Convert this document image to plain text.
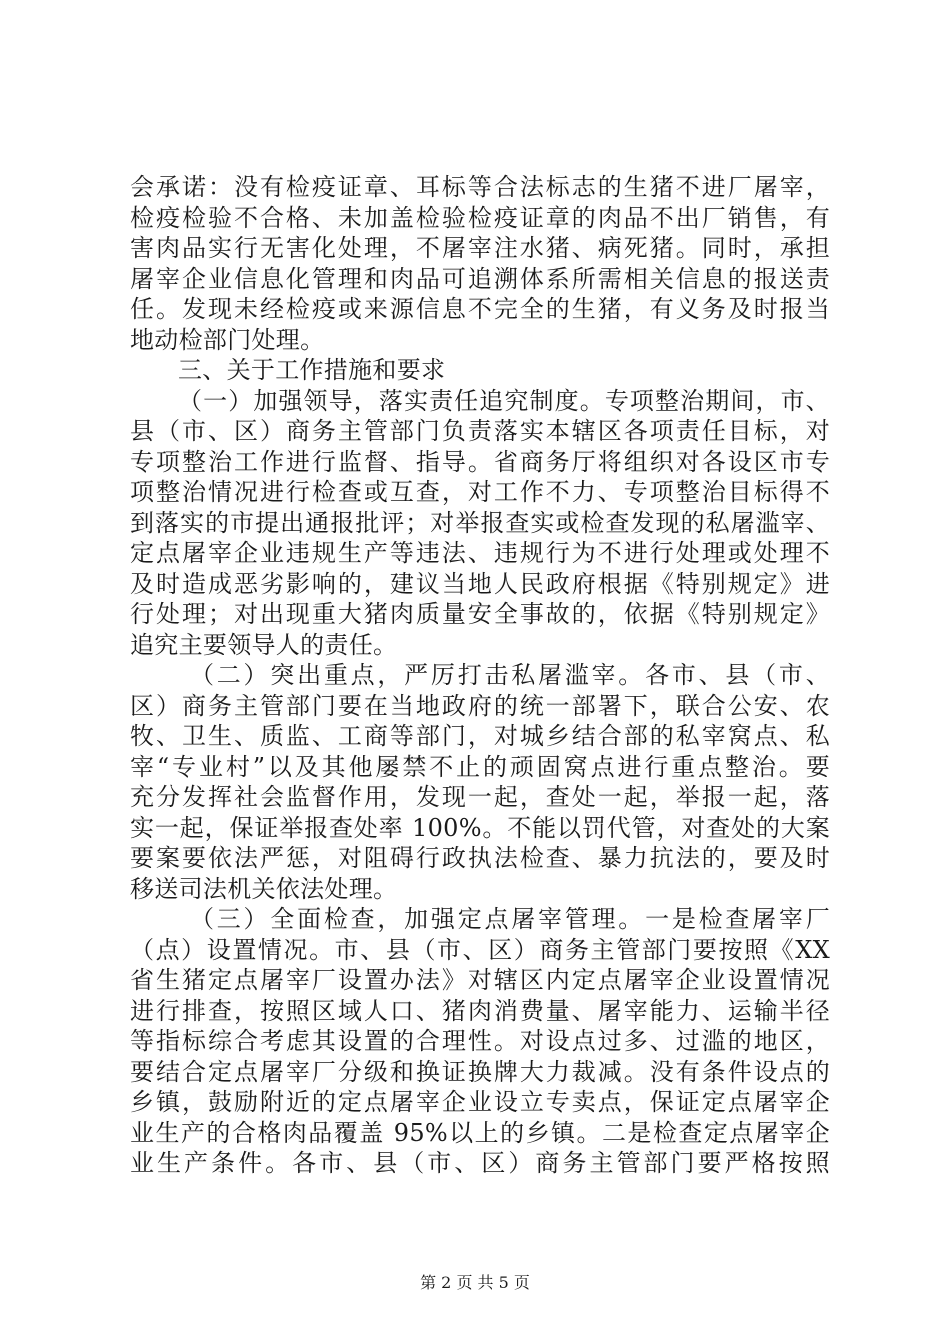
会承诺：没有检疫证章、耳标等合法标志的生猪不进厂屠宰，
检疫检验不合格、未加盖检验检疫证章的肉品不出厂销售，有
害肉品实行无害化处理，不屠宰注水猪、病死猪。同时，承担
屠宰企业信息化管理和肉品可追溯体系所需相关信息的报送责
任。发现未经检疫或来源信息不完全的生猪，有义务及时报当
地动检部门处理。
三、关于工作措施和要求
（一）加强领导，落实责任追究制度。专项整治期间，市、
县（市、区）商务主管部门负责落实本辖区各项责任目标，对
专项整治工作进行监督、指导。省商务厅将组织对各设区市专
项整治情况进行检查或互查，对工作不力、专项整治目标得不
到落实的市提出通报批评；对举报查实或检查发现的私屠滥宰、
定点屠宰企业违规生产等违法、违规行为不进行处理或处理不
及时造成恶劣影响的，建议当地人民政府根据《特别规定》进
行处理；对出现重大猪肉质量安全事故的，依据《特别规定》
追究主要领导人的责任。
（二）突出重点，严厉打击私屠滥宰。各市、县（市、
区）商务主管部门要在当地政府的统一部署下，联合公安、农
牧、卫生、质监、工商等部门，对城乡结合部的私宰窝点、私
宰“专业村”以及其他屡禁不止的顽固窝点进行重点整治。要
充分发挥社会监督作用，发现一起，查处一起，举报一起，落
实一起，保证举报查处率 100%。不能以罚代管，对查处的大案
要案要依法严惩，对阻碍行政执法检查、暴力抗法的，要及时
移送司法机关依法处理。
（三）全面检查，加强定点屠宰管理。一是检查屠宰厂
（点）设置情况。市、县（市、区）商务主管部门要按照《XX
省生猪定点屠宰厂设置办法》对辖区内定点屠宰企业设置情况
进行排查，按照区域人口、猪肉消费量、屠宰能力、运输半径
等指标综合考虑其设置的合理性。对设点过多、过滥的地区，
要结合定点屠宰厂分级和换证换牌大力裁减。没有条件设点的
乡镇，鼓励附近的定点屠宰企业设立专卖点，保证定点屠宰企
业生产的合格肉品覆盖 95%以上的乡镇。二是检查定点屠宰企
业生产条件。各市、县（市、区）商务主管部门要严格按照
第 2 页 共 5 页
